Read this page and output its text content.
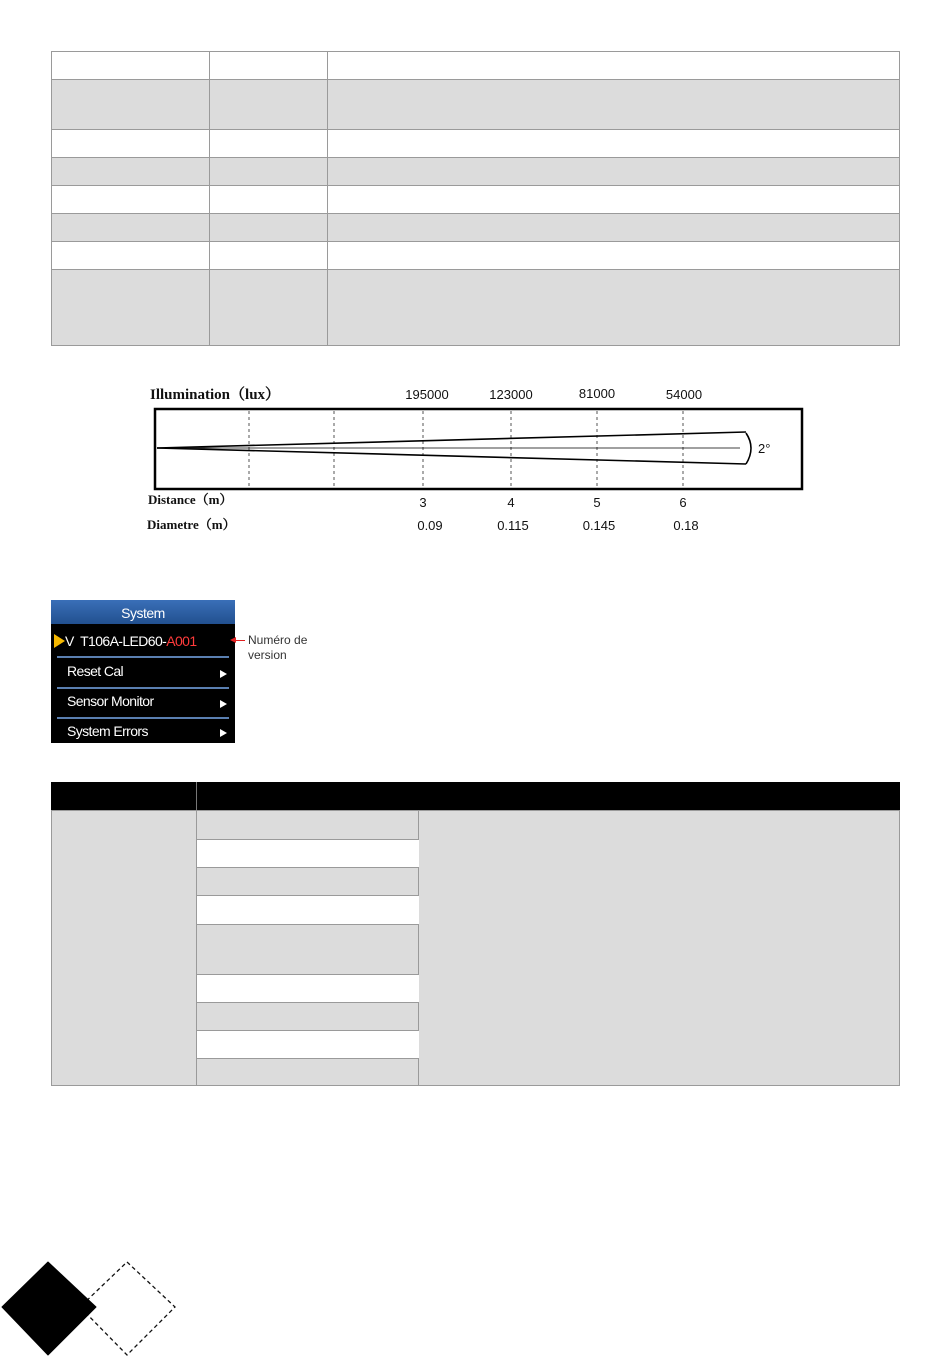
Illumination（lux）	195000	123000	81000	54000
2°
Distance（m）	3	4	5	6
Diametre（m）	0.09	0.115	0.145	0.18
System
V  T106A-LED60-A001
Reset Cal
Sensor Monitor
System Errors
Numéro de version
